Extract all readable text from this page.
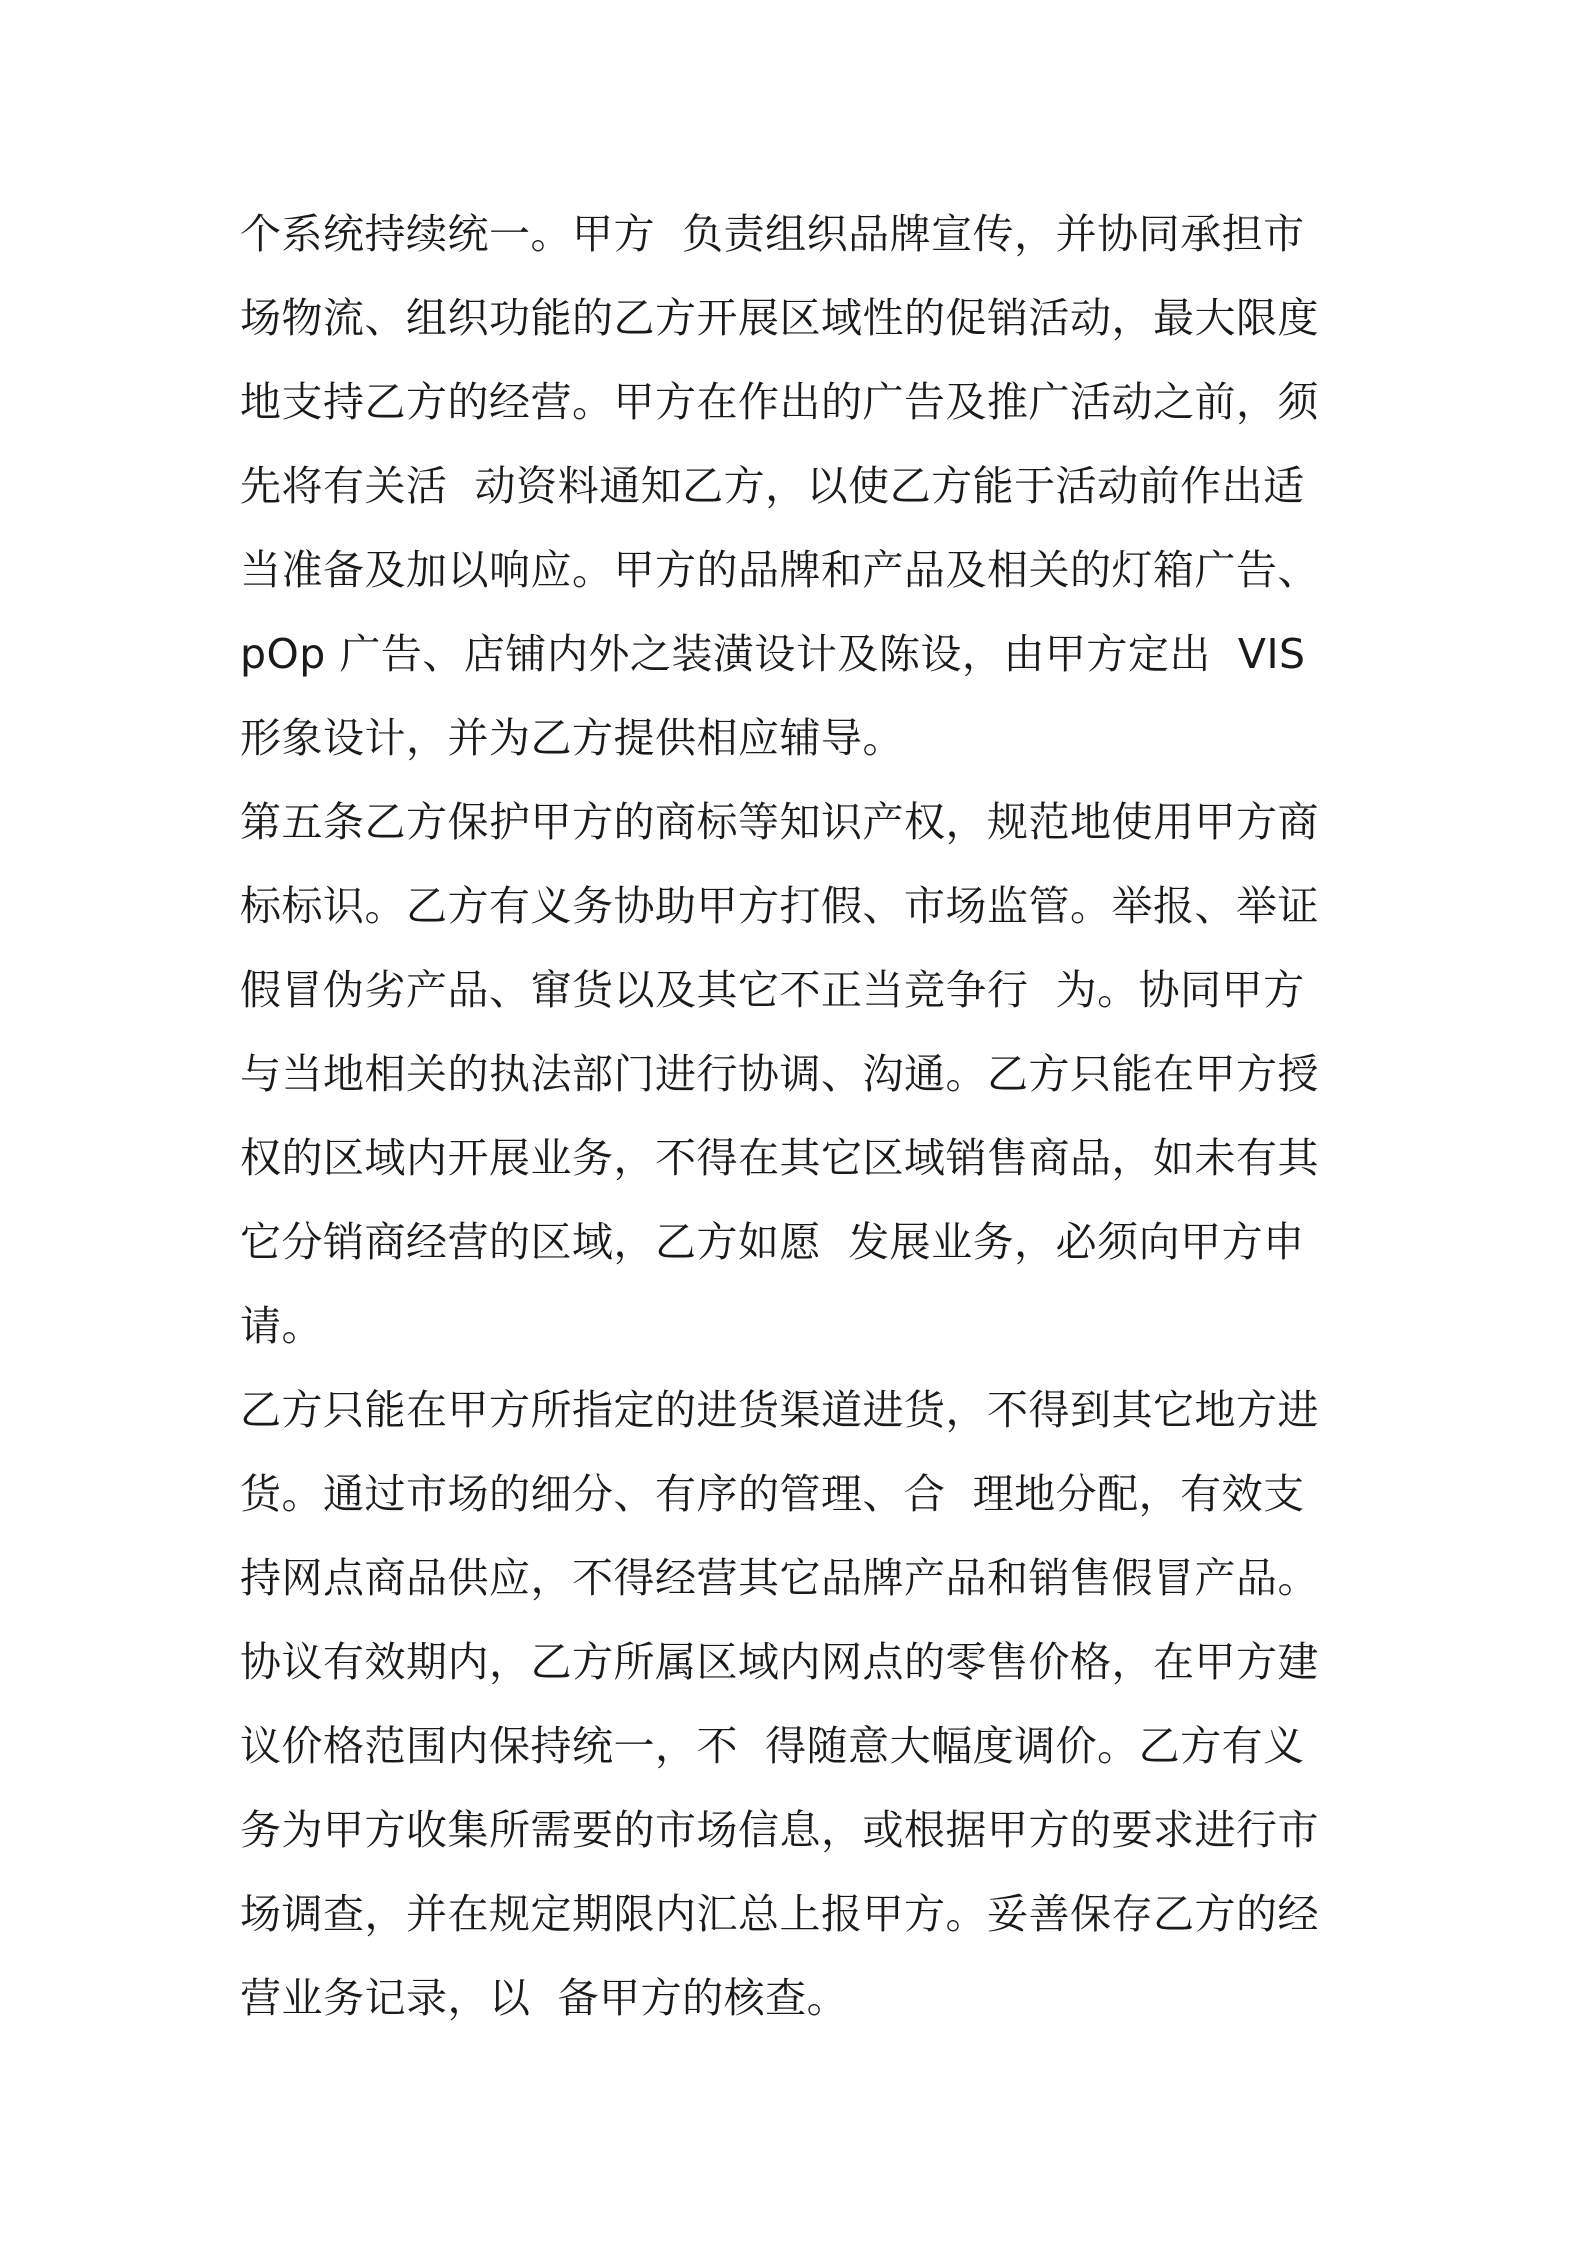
个系统持续统一。甲方  负责组织品牌宣传，并协同承担市
场物流、组织功能的乙方开展区域性的促销活动，最大限度
地支持乙方的经营。甲方在作出的广告及推广活动之前，须
先将有关活  动资料通知乙方，以使乙方能于活动前作出适
当准备及加以响应。甲方的品牌和产品及相关的灯箱广告、
pOp 广告、店铺内外之装潢设计及陈设，由甲方定出  VIS
形象设计，并为乙方提供相应辅导。
第五条乙方保护甲方的商标等知识产权，规范地使用甲方商
标标识。乙方有义务协助甲方打假、市场监管。举报、举证
假冒伪劣产品、窜货以及其它不正当竞争行  为。协同甲方
与当地相关的执法部门进行协调、沟通。乙方只能在甲方授
权的区域内开展业务，不得在其它区域销售商品，如未有其
它分销商经营的区域，乙方如愿  发展业务，必须向甲方申
请。
乙方只能在甲方所指定的进货渠道进货，不得到其它地方进
货。通过市场的细分、有序的管理、合  理地分配，有效支
持网点商品供应，不得经营其它品牌产品和销售假冒产品。
协议有效期内，乙方所属区域内网点的零售价格，在甲方建
议价格范围内保持统一，不  得随意大幅度调价。乙方有义
务为甲方收集所需要的市场信息，或根据甲方的要求进行市
场调查，并在规定期限内汇总上报甲方。妥善保存乙方的经
营业务记录，以  备甲方的核查。
